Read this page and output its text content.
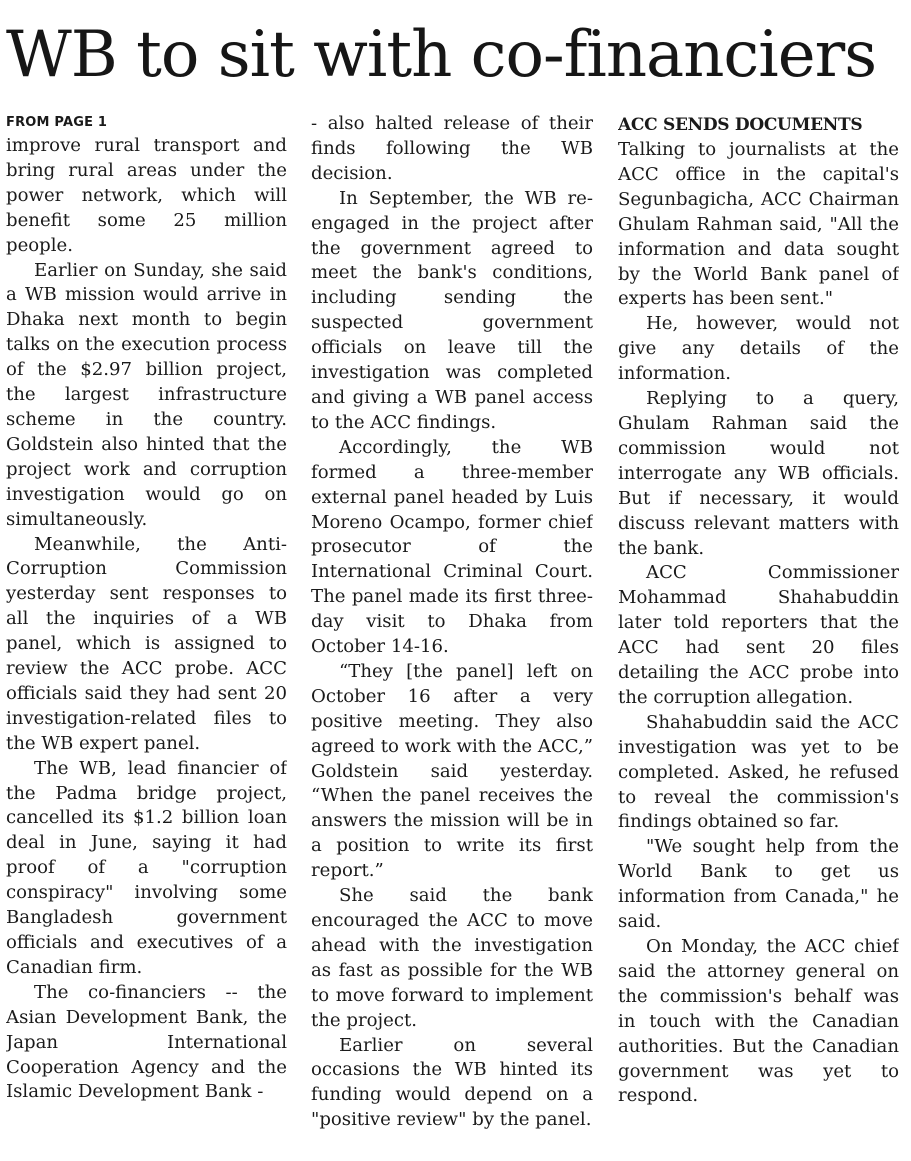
WB to sit with co-financiers
FROM PAGE 1

improve rural transport and bring rural areas under the power network, which will benefit some 25 million people.

Earlier on Sunday, she said a WB mission would arrive in Dhaka next month to begin talks on the execution process of the $2.97 billion project, the largest infrastructure scheme in the country. Goldstein also hinted that the project work and corruption investigation would go on simultaneously.

Meanwhile, the Anti-Corruption Commission yesterday sent responses to all the inquiries of a WB panel, which is assigned to review the ACC probe. ACC officials said they had sent 20 investigation-related files to the WB expert panel.

The WB, lead financier of the Padma bridge project, cancelled its $1.2 billion loan deal in June, saying it had proof of a "corruption conspiracy" involving some Bangladesh government officials and executives of a Canadian firm.

The co-financiers -- the Asian Development Bank, the Japan International Cooperation Agency and the Islamic Development Bank -

- also halted release of their finds following the WB decision.

In September, the WB re-engaged in the project after the government agreed to meet the bank's conditions, including sending the suspected government officials on leave till the investigation was completed and giving a WB panel access to the ACC findings.

Accordingly, the WB formed a three-member external panel headed by Luis Moreno Ocampo, former chief prosecutor of the International Criminal Court. The panel made its first three-day visit to Dhaka from October 14-16.

“They [the panel] left on October 16 after a very positive meeting. They also agreed to work with the ACC,” Goldstein said yesterday. “When the panel receives the answers the mission will be in a position to write its first report.”

She said the bank encouraged the ACC to move ahead with the investigation as fast as possible for the WB to move forward to implement the project.

Earlier on several occasions the WB hinted its funding would depend on a "positive review" by the panel.

ACC SENDS DOCUMENTS

Talking to journalists at the ACC office in the capital's Segunbagicha, ACC Chairman Ghulam Rahman said, "All the information and data sought by the World Bank panel of experts has been sent."

He, however, would not give any details of the information.

Replying to a query, Ghulam Rahman said the commission would not interrogate any WB officials. But if necessary, it would discuss relevant matters with the bank.

ACC Commissioner Mohammad Shahabuddin later told reporters that the ACC had sent 20 files detailing the ACC probe into the corruption allegation.

Shahabuddin said the ACC investigation was yet to be completed. Asked, he refused to reveal the commission's findings obtained so far.

"We sought help from the World Bank to get us information from Canada," he said.

On Monday, the ACC chief said the attorney general on the commission's behalf was in touch with the Canadian authorities. But the Canadian government was yet to respond.
